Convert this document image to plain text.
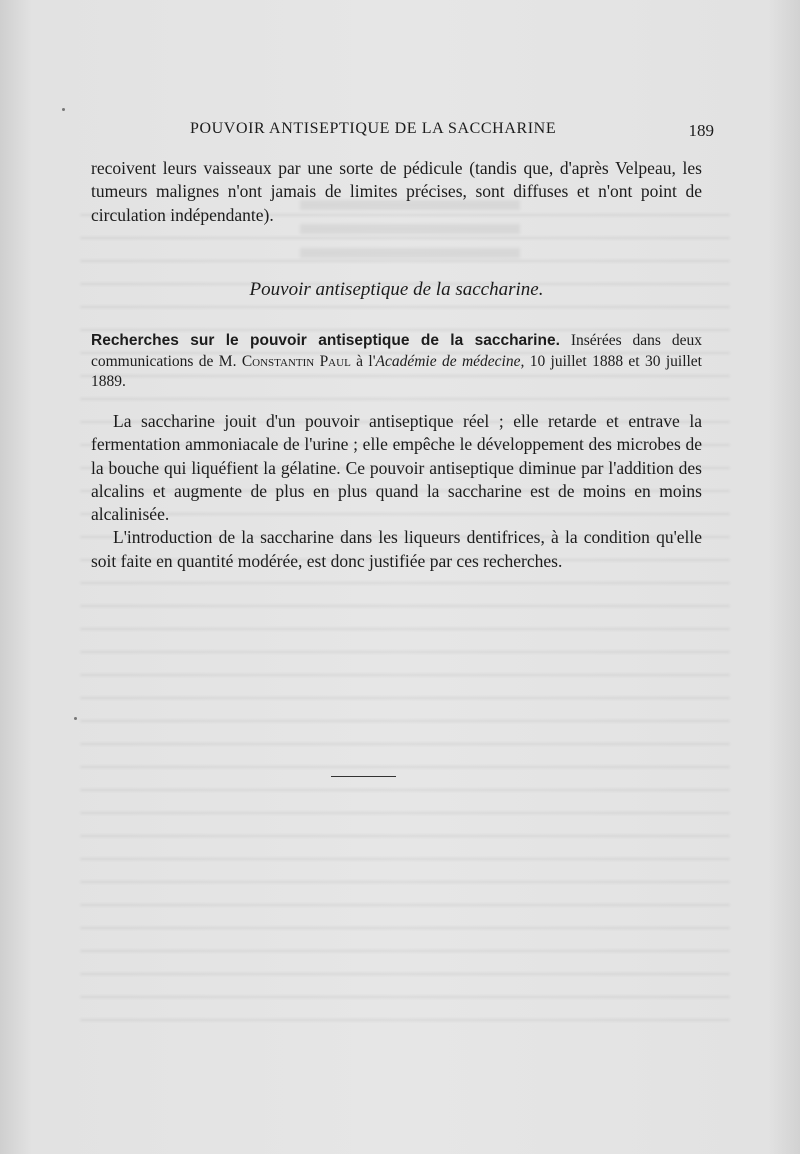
POUVOIR ANTISEPTIQUE DE LA SACCHARINE	189

recoivent leurs vaisseaux par une sorte de pédicule (tandis que, d'après Velpeau, les tumeurs malignes n'ont jamais de limites précises, sont diffuses et n'ont point de circulation indépendante).

Pouvoir antiseptique de la saccharine.
Recherches sur le pouvoir antiseptique de la saccharine. Insérées dans deux communications de M. Constantin Paul à l'Académie de médecine, 10 juillet 1888 et 30 juillet 1889.

La saccharine jouit d'un pouvoir antiseptique réel ; elle retarde et entrave la fermentation ammoniacale de l'urine ; elle empêche le développement des microbes de la bouche qui liquéfient la gélatine. Ce pouvoir antiseptique diminue par l'addition des alcalins et augmente de plus en plus quand la saccharine est de moins en moins alcalinisée.

L'introduction de la saccharine dans les liqueurs dentifrices, à la condition qu'elle soit faite en quantité modérée, est donc justifiée par ces recherches.
